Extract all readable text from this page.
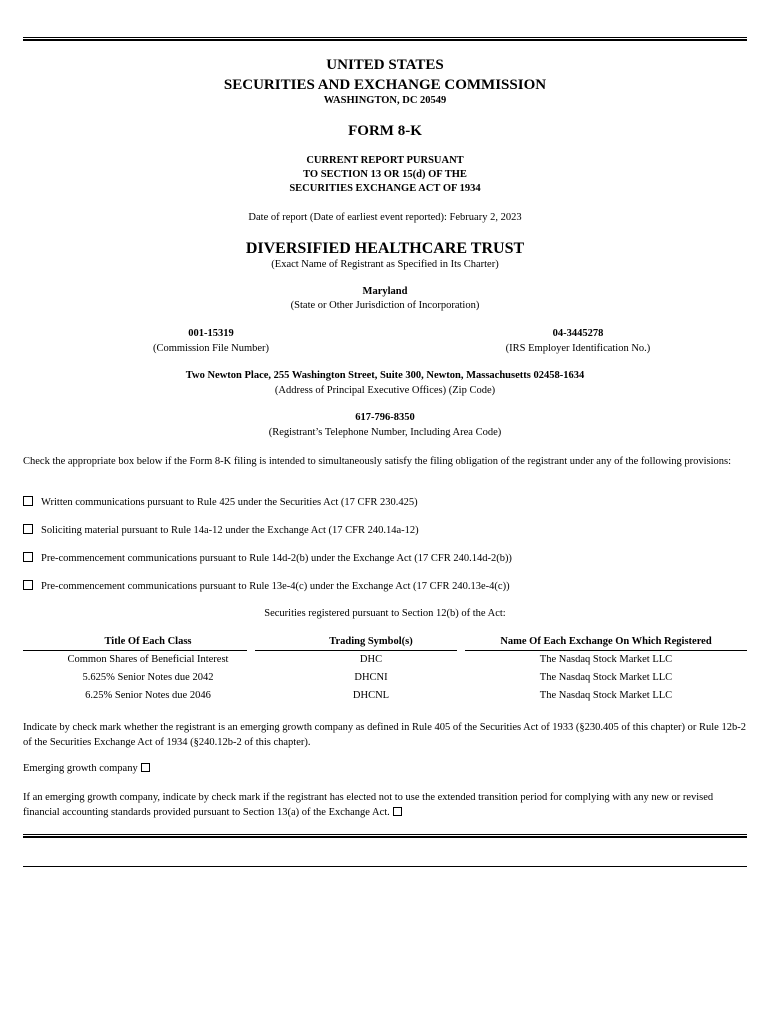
UNITED STATES
SECURITIES AND EXCHANGE COMMISSION
WASHINGTON, DC 20549
FORM 8-K
CURRENT REPORT PURSUANT
TO SECTION 13 OR 15(d) OF THE
SECURITIES EXCHANGE ACT OF 1934
Date of report (Date of earliest event reported): February 2, 2023
DIVERSIFIED HEALTHCARE TRUST
(Exact Name of Registrant as Specified in Its Charter)
Maryland
(State or Other Jurisdiction of Incorporation)
001-15319
(Commission File Number)
04-3445278
(IRS Employer Identification No.)
Two Newton Place, 255 Washington Street, Suite 300, Newton, Massachusetts 02458-1634
(Address of Principal Executive Offices) (Zip Code)
617-796-8350
(Registrant’s Telephone Number, Including Area Code)
Check the appropriate box below if the Form 8-K filing is intended to simultaneously satisfy the filing obligation of the registrant under any of the following provisions:
Written communications pursuant to Rule 425 under the Securities Act (17 CFR 230.425)
Soliciting material pursuant to Rule 14a-12 under the Exchange Act (17 CFR 240.14a-12)
Pre-commencement communications pursuant to Rule 14d-2(b) under the Exchange Act (17 CFR 240.14d-2(b))
Pre-commencement communications pursuant to Rule 13e-4(c) under the Exchange Act (17 CFR 240.13e-4(c))
Securities registered pursuant to Section 12(b) of the Act:
Title Of Each Class	Trading Symbol(s)	Name Of Each Exchange On Which Registered
Common Shares of Beneficial Interest	DHC	The Nasdaq Stock Market LLC
5.625% Senior Notes due 2042	DHCNI	The Nasdaq Stock Market LLC
6.25% Senior Notes due 2046	DHCNL	The Nasdaq Stock Market LLC
Indicate by check mark whether the registrant is an emerging growth company as defined in Rule 405 of the Securities Act of 1933 (§230.405 of this chapter) or Rule 12b-2 of the Securities Exchange Act of 1934 (§240.12b-2 of this chapter).
Emerging growth company
If an emerging growth company, indicate by check mark if the registrant has elected not to use the extended transition period for complying with any new or revised financial accounting standards provided pursuant to Section 13(a) of the Exchange Act.
